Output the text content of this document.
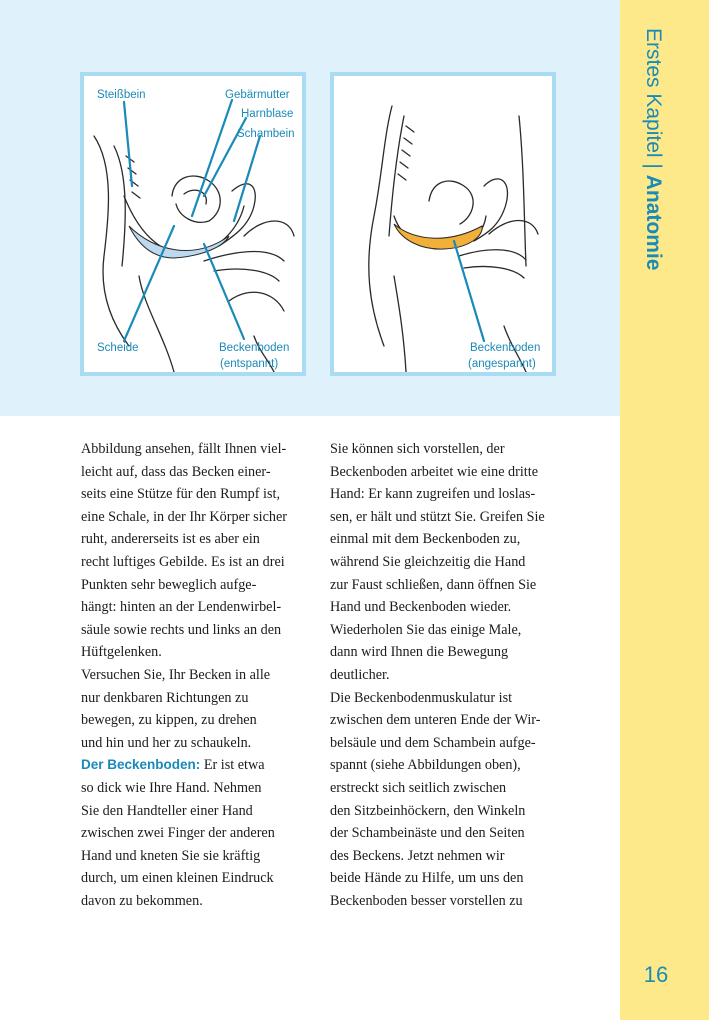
Steißbein	Gebärmutter
Harnblase
Schambein
Scheide	Beckenboden
(entspannt)
Beckenboden
(angespannt)

Abbildung ansehen, fällt Ihnen viel-

leicht auf, dass das Becken einer-

seits eine Stütze für den Rumpf ist,

eine Schale, in der Ihr Körper sicher

ruht, andererseits ist es aber ein

recht luftiges Gebilde. Es ist an drei

Punkten sehr beweglich aufge-

hängt: hinten an der Lendenwirbel-

säule sowie rechts und links an den

Hüftgelenken.

Versuchen Sie, Ihr Becken in alle

nur denkbaren Richtungen zu

bewegen, zu kippen, zu drehen

und hin und her zu schaukeln.

Der Beckenboden: Er ist etwa

so dick wie Ihre Hand. Nehmen

Sie den Handteller einer Hand

zwischen zwei Finger der anderen

Hand und kneten Sie sie kräftig

durch, um einen kleinen Eindruck

davon zu bekommen.

Sie können sich vorstellen, der

Beckenboden arbeitet wie eine dritte

Hand: Er kann zugreifen und loslas-

sen, er hält und stützt Sie. Greifen Sie

einmal mit dem Beckenboden zu,

während Sie gleichzeitig die Hand

zur Faust schließen, dann öffnen Sie

Hand und Beckenboden wieder.

Wiederholen Sie das einige Male,

dann wird Ihnen die Bewegung

deutlicher.

Die Beckenbodenmuskulatur ist

zwischen dem unteren Ende der Wir-

belsäule und dem Schambein aufge-

spannt (siehe Abbildungen oben),

erstreckt sich seitlich zwischen

den Sitzbeinhöckern, den Winkeln

der Schambeinäste und den Seiten

des Beckens. Jetzt nehmen wir

beide Hände zu Hilfe, um uns den

Beckenboden besser vorstellen zu

Erstes Kapitel | Anatomie
16
